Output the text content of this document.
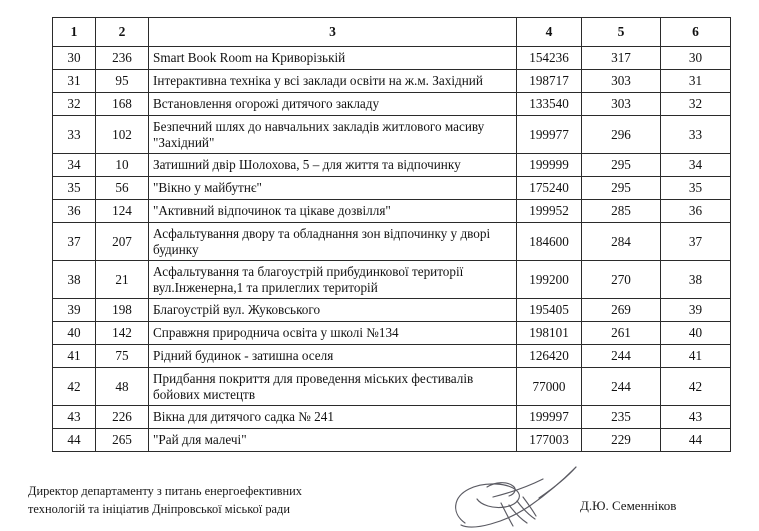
1	2	3	4	5	6
30	236	Smart Book Room на Криворізькій	154236	317	30
31	95	Інтерактивна техніка у всі заклади освіти на ж.м. Західний	198717	303	31
32	168	Встановлення огорожі дитячого закладу	133540	303	32
33	102	Безпечний шлях до навчальних закладів житлового масиву "Західний"	199977	296	33
34	10	Затишний двір Шолохова, 5 – для життя та відпочинку	199999	295	34
35	56	"Вікно у майбутнє"	175240	295	35
36	124	"Активний відпочинок та цікаве дозвілля"	199952	285	36
37	207	Асфальтування двору та обладнання зон відпочинку у дворі будинку	184600	284	37
38	21	Асфальтування та благоустрій прибудинкової території вул.Інженерна,1 та прилеглих територій	199200	270	38
39	198	Благоустрій вул. Жуковського	195405	269	39
40	142	Справжня природнича освіта у школі №134	198101	261	40
41	75	Рідний будинок - затишна оселя	126420	244	41
42	48	Придбання покриття для проведення міських фестивалів бойових мистецтв	77000	244	42
43	226	Вікна для дитячого садка № 241	199997	235	43
44	265	"Рай для малечі"	177003	229	44
Директор департаменту з питань енергоефективних
технологій та ініціатив Дніпровської міської ради	Д.Ю. Семенніков
